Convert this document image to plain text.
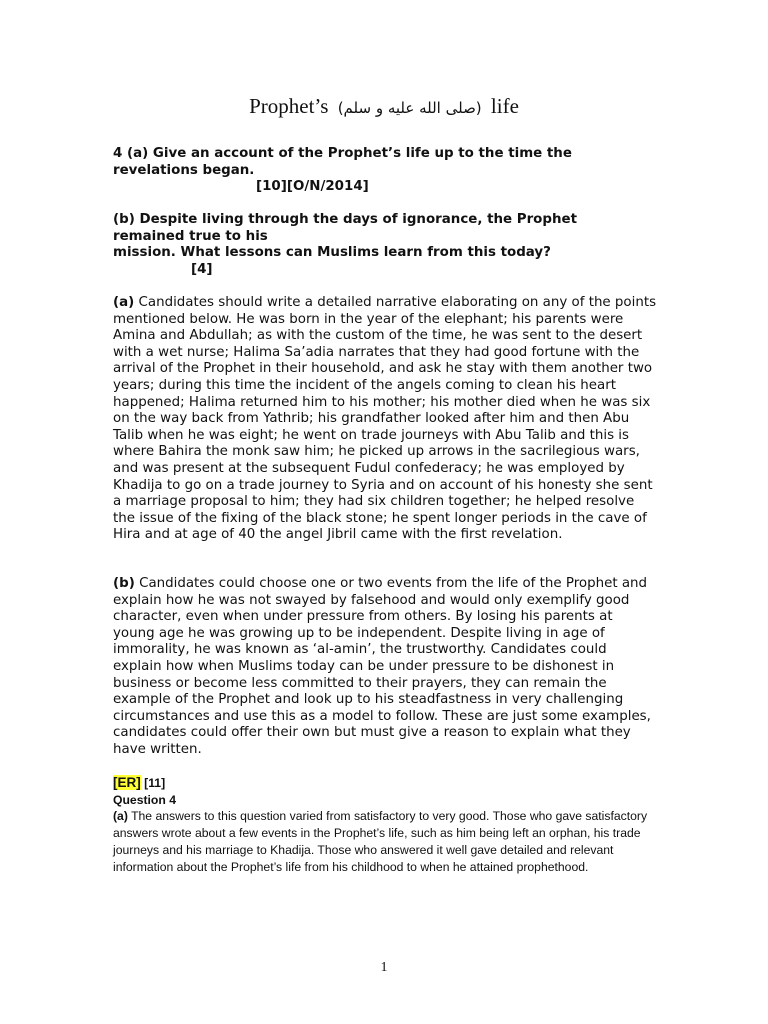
Prophet’s (صلى الله عليه و سلم) life

4 (a) Give an account of the Prophet’s life up to the time the

revelations began.

[10][O/N/2014]

(b) Despite living through the days of ignorance, the Prophet

remained true to his

mission. What lessons can Muslims learn from this today?

[4]

(a) Candidates should write a detailed narrative elaborating on any of the points mentioned below. He was born in the year of the elephant; his parents were Amina and Abdullah; as with the custom of the time, he was sent to the desert with a wet nurse; Halima Sa’adia narrates that they had good fortune with the arrival of the Prophet in their household, and ask he stay with them another two years; during this time the incident of the angels coming to clean his heart happened; Halima returned him to his mother; his mother died when he was six on the way back from Yathrib; his grandfather looked after him and then Abu Talib when he was eight; he went on trade journeys with Abu Talib and this is where Bahira the monk saw him; he picked up arrows in the sacrilegious wars, and was present at the subsequent Fudul confederacy; he was employed by Khadija to go on a trade journey to Syria and on account of his honesty she sent a marriage proposal to him; they had six children together; he helped resolve the issue of the fixing of the black stone; he spent longer periods in the cave of Hira and at age of 40 the angel Jibril came with the first revelation.

(b) Candidates could choose one or two events from the life of the Prophet and explain how he was not swayed by falsehood and would only exemplify good character, even when under pressure from others. By losing his parents at young age he was growing up to be independent. Despite living in age of immorality, he was known as ‘al-amin’, the trustworthy. Candidates could explain how when Muslims today can be under pressure to be dishonest in business or become less committed to their prayers, they can remain the example of the Prophet and look up to his steadfastness in very challenging circumstances and use this as a model to follow. These are just some examples, candidates could offer their own but must give a reason to explain what they have written.

[ER] [11]

Question 4

(a) The answers to this question varied from satisfactory to very good. Those who gave satisfactory answers wrote about a few events in the Prophet’s life, such as him being left an orphan, his trade journeys and his marriage to Khadija. Those who answered it well gave detailed and relevant information about the Prophet’s life from his childhood to when he attained prophethood.

1
